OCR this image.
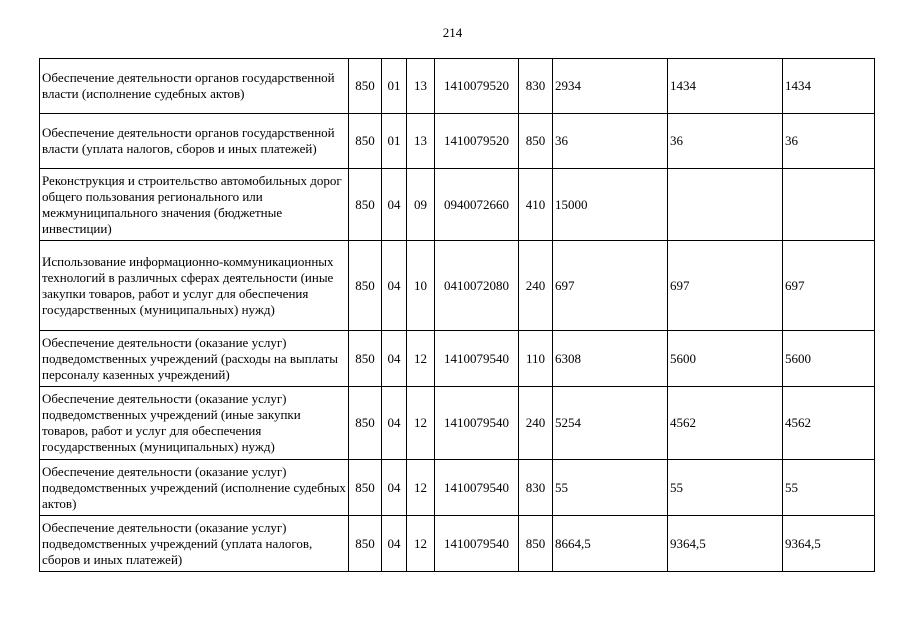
214
Обеспечение деятельности органов государственной власти (исполнение судебных актов)	850	01	13	1410079520	830	2934	1434	1434
Обеспечение деятельности органов государственной власти (уплата налогов, сборов и иных платежей)	850	01	13	1410079520	850	36	36	36
Реконструкция и строительство автомобильных дорог общего пользования регионального или межмуниципального значения (бюджетные инвестиции)	850	04	09	0940072660	410	15000		
Использование информационно-коммуникационных технологий в различных сферах деятельности (иные закупки товаров, работ и услуг для обеспечения государственных (муниципальных) нужд)	850	04	10	0410072080	240	697	697	697
Обеспечение деятельности (оказание услуг) подведомственных учреждений (расходы на выплаты персоналу казенных учреждений)	850	04	12	1410079540	110	6308	5600	5600
Обеспечение деятельности (оказание услуг) подведомственных учреждений (иные закупки товаров, работ и услуг для обеспечения государственных (муниципальных) нужд)	850	04	12	1410079540	240	5254	4562	4562
Обеспечение деятельности (оказание услуг) подведомственных учреждений (исполнение судебных актов)	850	04	12	1410079540	830	55	55	55
Обеспечение деятельности (оказание услуг) подведомственных учреждений (уплата налогов, сборов и иных платежей)	850	04	12	1410079540	850	8664,5	9364,5	9364,5
